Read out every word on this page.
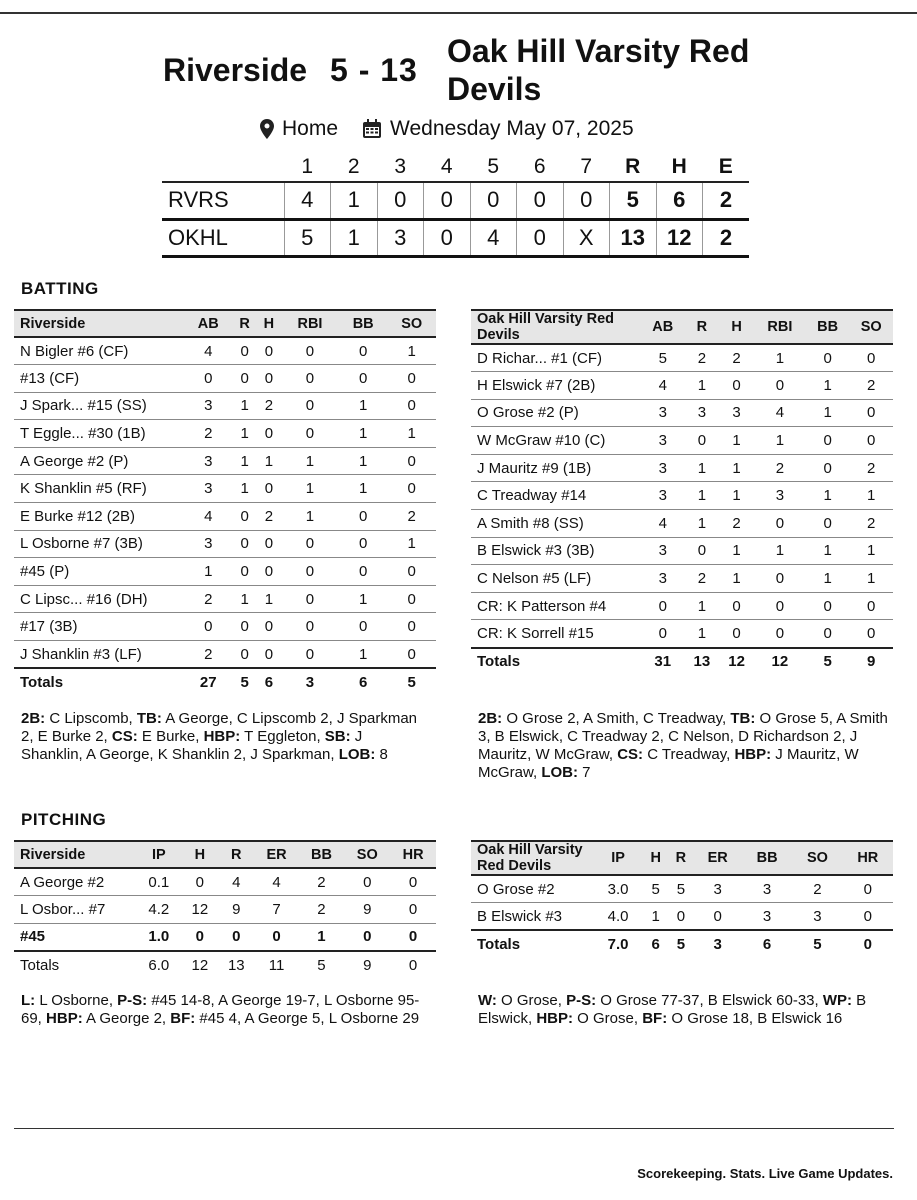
Riverside 5 - 13
Oak Hill Varsity Red Devils
Home Wednesday May 07, 2025
	1	2	3	4	5	6	7	R	H	E
RVRS	4	1	0	0	0	0	0	5	6	2
OKHL	5	1	3	0	4	0	X	13	12	2
BATTING
Riverside	AB	R	H	RBI	BB	SO
N Bigler #6 (CF)	4	0	0	0	0	1
#13 (CF)	0	0	0	0	0	0
J Spark... #15 (SS)	3	1	2	0	1	0
T Eggle... #30 (1B)	2	1	0	0	1	1
A George #2 (P)	3	1	1	1	1	0
K Shanklin #5 (RF)	3	1	0	1	1	0
E Burke #12 (2B)	4	0	2	1	0	2
L Osborne #7 (3B)	3	0	0	0	0	1
#45 (P)	1	0	0	0	0	0
C Lipsc... #16 (DH)	2	1	1	0	1	0
#17 (3B)	0	0	0	0	0	0
J Shanklin #3 (LF)	2	0	0	0	1	0
Totals	27	5	6	3	6	5
Oak Hill Varsity Red Devils	AB	R	H	RBI	BB	SO
D Richar... #1 (CF)	5	2	2	1	0	0
H Elswick #7 (2B)	4	1	0	0	1	2
O Grose #2 (P)	3	3	3	4	1	0
W McGraw #10 (C)	3	0	1	1	0	0
J Mauritz #9 (1B)	3	1	1	2	0	2
C Treadway #14	3	1	1	3	1	1
A Smith #8 (SS)	4	1	2	0	0	2
B Elswick #3 (3B)	3	0	1	1	1	1
C Nelson #5 (LF)	3	2	1	0	1	1
CR: K Patterson #4	0	1	0	0	0	0
CR: K Sorrell #15	0	1	0	0	0	0
Totals	31	13	12	12	5	9
2B: C Lipscomb, TB: A George, C Lipscomb 2, J Sparkman 2, E Burke 2, CS: E Burke, HBP: T Eggleton, SB: J Shanklin, A George, K Shanklin 2, J Sparkman, LOB: 8
2B: O Grose 2, A Smith, C Treadway, TB: O Grose 5, A Smith 3, B Elswick, C Treadway 2, C Nelson, D Richardson 2, J Mauritz, W McGraw, CS: C Treadway, HBP: J Mauritz, W McGraw, LOB: 7
PITCHING
Riverside	IP	H	R	ER	BB	SO	HR
A George #2	0.1	0	4	4	2	0	0
L Osbor... #7	4.2	12	9	7	2	9	0
#45	1.0	0	0	0	1	0	0
Totals	6.0	12	13	11	5	9	0
Oak Hill Varsity Red Devils	IP	H	R	ER	BB	SO	HR
O Grose #2	3.0	5	5	3	3	2	0
B Elswick #3	4.0	1	0	0	3	3	0
Totals	7.0	6	5	3	6	5	0
L: L Osborne, P-S: #45 14-8, A George 19-7, L Osborne 95-69, HBP: A George 2, BF: #45 4, A George 5, L Osborne 29
W: O Grose, P-S: O Grose 77-37, B Elswick 60-33, WP: B Elswick, HBP: O Grose, BF: O Grose 18, B Elswick 16
Scorekeeping. Stats. Live Game Updates.
